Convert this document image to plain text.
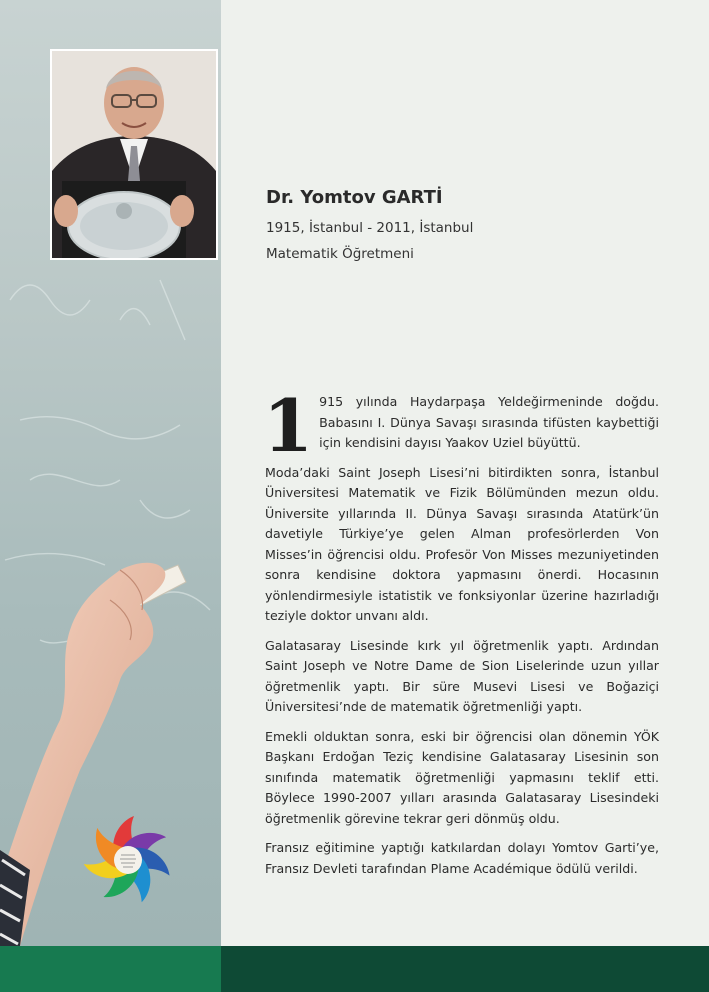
Dr. Yomtov GARTİ
1915, İstanbul - 2011, İstanbul
Matematik Öğretmeni

1 915 yılında Haydarpaşa Yeldeğirmeninde doğdu. Babasını I. Dünya Savaşı sırasında tifüsten kaybettiği için kendisini dayısı Yaakov Uziel büyüttü.

Moda’daki Saint Joseph Lisesi’ni bitirdikten sonra, İstanbul Üniversitesi Matematik ve Fizik Bölümünden mezun oldu. Üniversite yıllarında II. Dünya Savaşı sırasında Atatürk’ün davetiyle Türkiye’ye gelen Alman profesörlerden Von Misses’in öğrencisi oldu. Profesör Von Misses mezuniyetinden sonra kendisine doktora yapmasını önerdi. Hocasının yönlendirmesiyle istatistik ve fonksiyonlar üzerine hazırladığı teziyle doktor unvanı aldı.

Galatasaray Lisesinde kırk yıl öğretmenlik yaptı. Ardından Saint Joseph ve Notre Dame de Sion Liselerinde uzun yıllar öğretmenlik yaptı. Bir süre Musevi Lisesi ve Boğaziçi Üniversitesi’nde de matematik öğretmenliği yaptı.

Emekli olduktan sonra, eski bir öğrencisi olan dönemin YÖK Başkanı Erdoğan Teziç kendisine Galatasaray Lisesinin son sınıfında matematik öğretmenliği yapmasını teklif etti. Böylece 1990-2007 yılları arasında Galatasaray Lisesindeki öğretmenlik görevine tekrar geri dönmüş oldu.

Fransız eğitimine yaptığı katkılardan dolayı Yomtov Garti’ye, Fransız Devleti tarafından Plame Académique ödülü verildi.
